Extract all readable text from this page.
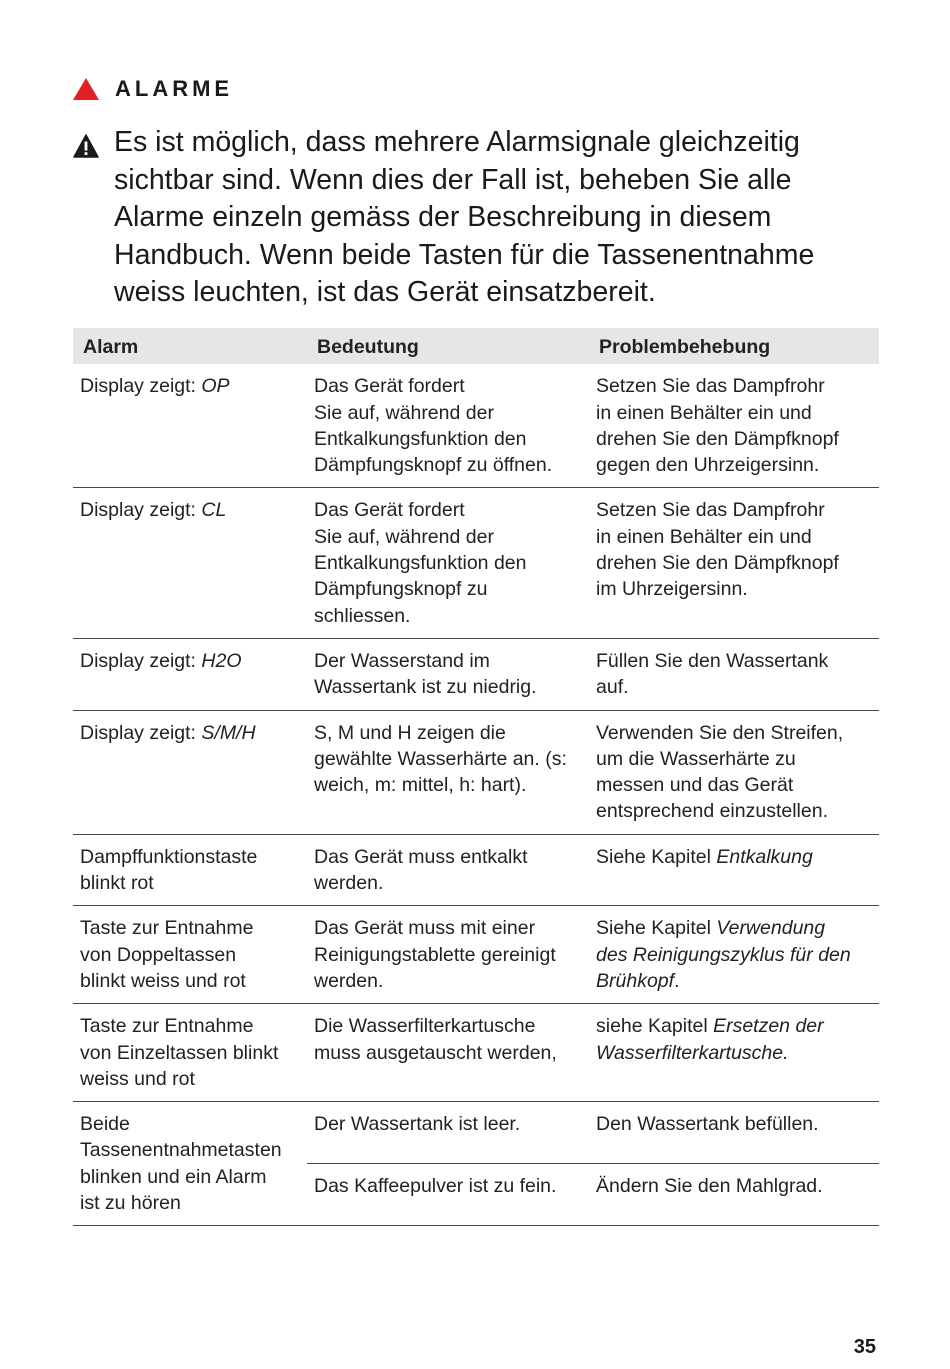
ALARME

Es ist möglich, dass mehrere Alarmsignale gleichzeitig
sichtbar sind. Wenn dies der Fall ist, beheben Sie alle
Alarme einzeln gemäss der Beschreibung in diesem
Handbuch. Wenn beide Tasten für die Tassenentnahme
weiss leuchten, ist das Gerät einsatzbereit.

Alarm	Bedeutung	Problembehebung
Display zeigt: OP	Das Gerät fordert
Sie auf, während der
Entkalkungsfunktion den
Dämpfungsknopf zu öffnen.	Setzen Sie das Dampfrohr
in einen Behälter ein und
drehen Sie den Dämpfknopf
gegen den Uhrzeigersinn.

Display zeigt: CL	Das Gerät fordert
Sie auf, während der
Entkalkungsfunktion den
Dämpfungsknopf zu
schliessen.	Setzen Sie das Dampfrohr
in einen Behälter ein und
drehen Sie den Dämpfknopf
im Uhrzeigersinn.

Display zeigt: H2O	Der Wasserstand im
Wassertank ist zu niedrig.	Füllen Sie den Wassertank
auf.

Display zeigt: S/M/H	S, M und H zeigen die
gewählte Wasserhärte an. (s:
weich, m: mittel, h: hart).	Verwenden Sie den Streifen,
um die Wasserhärte zu
messen und das Gerät
entsprechend einzustellen.

Dampffunktionstaste
blinkt rot	Das Gerät muss entkalkt
werden.	Siehe Kapitel Entkalkung

Taste zur Entnahme
von Doppeltassen
blinkt weiss und rot	Das Gerät muss mit einer
Reinigungstablette gereinigt
werden.	Siehe Kapitel Verwendung
des Reinigungszyklus für den
Brühkopf.

Taste zur Entnahme
von Einzeltassen blinkt
weiss und rot	Die Wasserfilterkartusche
muss ausgetauscht werden,	siehe Kapitel Ersetzen der
Wasserfilterkartusche.

Beide
Tassenentnahmetasten
blinken und ein Alarm
ist zu hören	Der Wassertank ist leer.	Den Wassertank befüllen.
	Das Kaffeepulver ist zu fein.	Ändern Sie den Mahlgrad.
35
